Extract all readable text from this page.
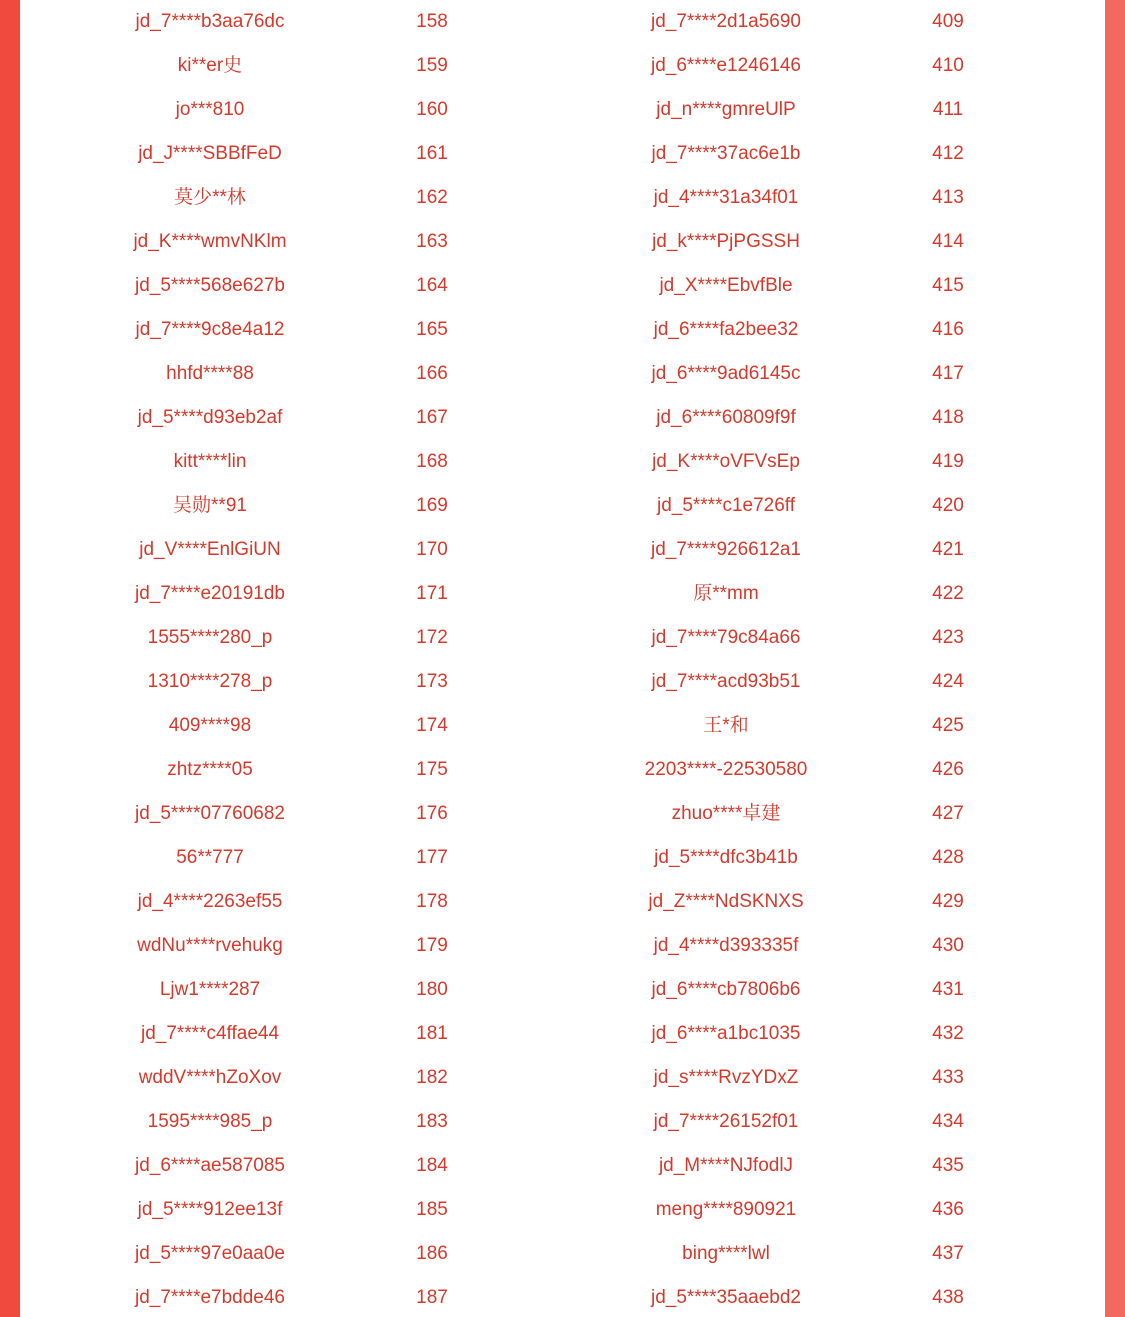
jd_7****b3aa76dc	158	jd_7****2d1a5690	409
ki**er史	159	jd_6****e1246146	410
jo***810	160	jd_n****gmreUlP	411
jd_J****SBBfFeD	161	jd_7****37ac6e1b	412
莫少**林	162	jd_4****31a34f01	413
jd_K****wmvNKlm	163	jd_k****PjPGSSH	414
jd_5****568e627b	164	jd_X****EbvfBle	415
jd_7****9c8e4a12	165	jd_6****fa2bee32	416
hhfd****88	166	jd_6****9ad6145c	417
jd_5****d93eb2af	167	jd_6****60809f9f	418
kitt****lin	168	jd_K****oVFVsEp	419
吴勋**91	169	jd_5****c1e726ff	420
jd_V****EnlGiUN	170	jd_7****926612a1	421
jd_7****e20191db	171	原**mm	422
1555****280_p	172	jd_7****79c84a66	423
1310****278_p	173	jd_7****acd93b51	424
409****98	174	王*和	425
zhtz****05	175	2203****-22530580	426
jd_5****07760682	176	zhuo****卓建	427
56**777	177	jd_5****dfc3b41b	428
jd_4****2263ef55	178	jd_Z****NdSKNXS	429
wdNu****rvehukg	179	jd_4****d393335f	430
Ljw1****287	180	jd_6****cb7806b6	431
jd_7****c4ffae44	181	jd_6****a1bc1035	432
wddV****hZoXov	182	jd_s****RvzYDxZ	433
1595****985_p	183	jd_7****26152f01	434
jd_6****ae587085	184	jd_M****NJfodlJ	435
jd_5****912ee13f	185	meng****890921	436
jd_5****97e0aa0e	186	bing****lwl	437
jd_7****e7bdde46	187	jd_5****35aaebd2	438
